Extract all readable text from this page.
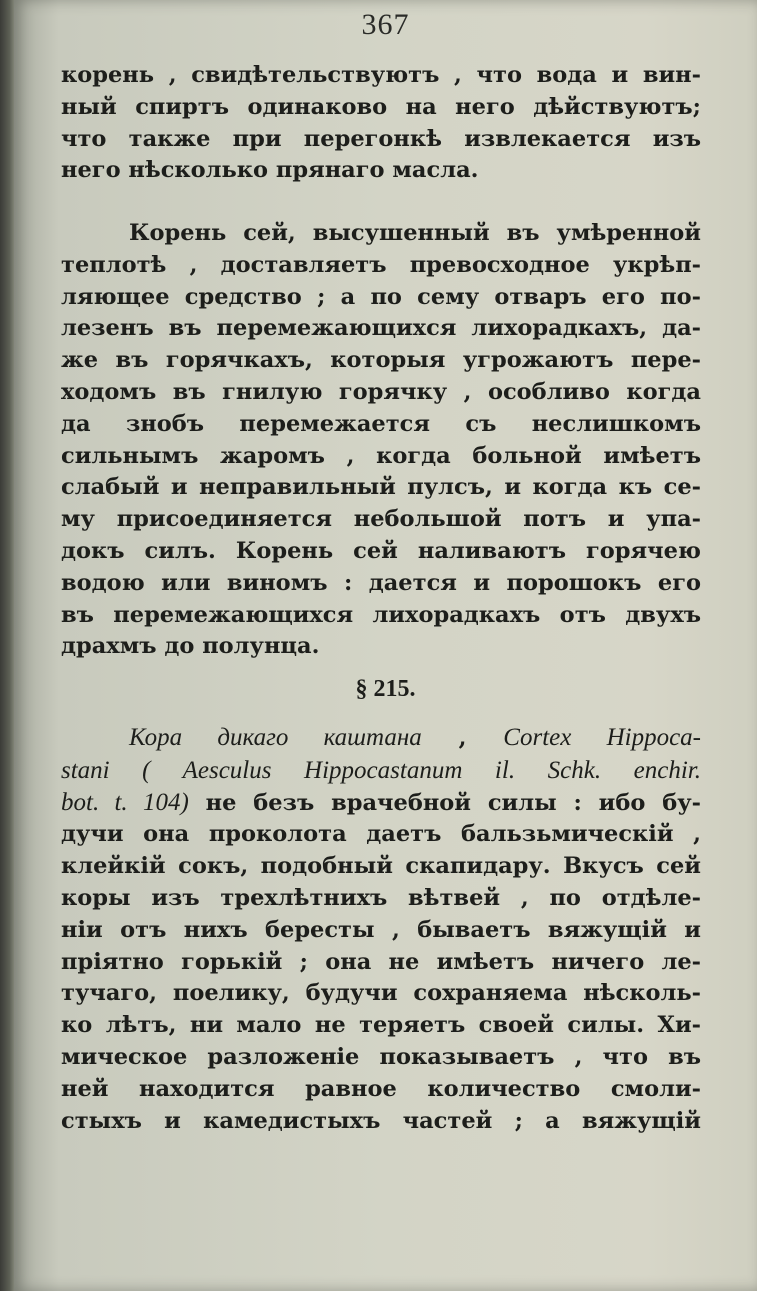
367
корень , свидѣтельствуютъ , что вода и вин-
ный спиртъ одинаково на него дѣйствуютъ;
что также при перегонкѣ извлекается изъ
него нѣсколько прянаго масла.
Корень сей, высушенный въ умѣренной
теплотѣ , доставляетъ превосходное укрѣп-
ляющее средство ; а по сему отваръ его по-
лезенъ въ перемежающихся лихорадкахъ, да-
же въ горячкахъ, которыя угрожаютъ пере-
ходомъ въ гнилую горячку , особливо когда
да знобъ перемежается съ неслишкомъ
сильнымъ жаромъ , когда больной имѣетъ
слабый и неправильный пулсъ, и когда къ се-
му присоединяется небольшой потъ и упа-
докъ силъ. Корень сей наливаютъ горячею
водою или виномъ : дается и порошокъ его
въ перемежающихся лихорадкахъ отъ двухъ
драхмъ до полунца.
§ 215.
Кора дикаго каштана , Cortex Hippoca-
stani ( Aesculus Hippocastanum il. Schk. enchir.
bot. t. 104) не безъ врачебной силы : ибо бу-
дучи она проколота даетъ бальзьмическій ,
клейкій сокъ, подобный скапидару. Вкусъ сей
коры изъ трехлѣтнихъ вѣтвей , по отдѣле-
ніи отъ нихъ бересты , бываетъ вяжущій и
пріятно горькій ; она не имѣетъ ничего ле-
тучаго, поелику, будучи сохраняема нѣсколь-
ко лѣтъ, ни мало не теряетъ своей силы. Хи-
мическое разложеніе показываетъ , что въ
ней находится равное количество смоли-
стыхъ и камедистыхъ частей ; а вяжущій
